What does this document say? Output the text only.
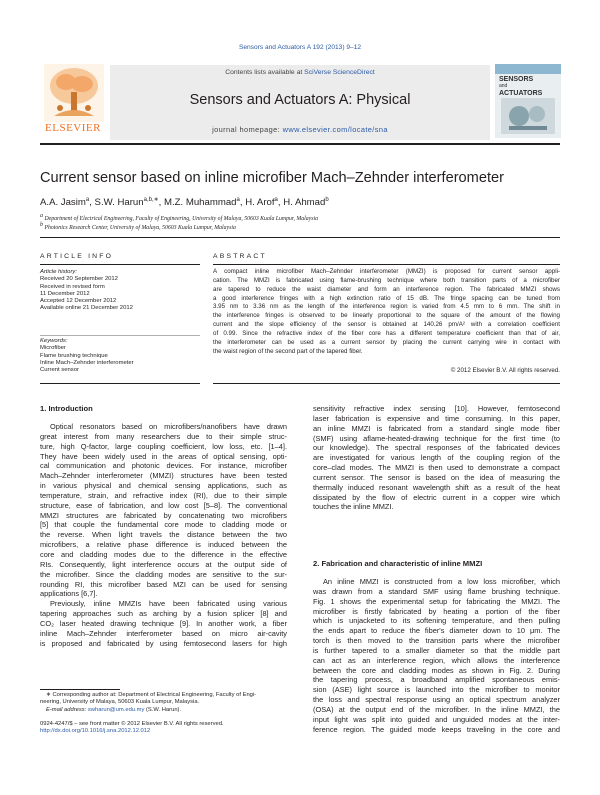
Sensors and Actuators A 192 (2013) 9–12
ELSEVIER
Contents lists available at SciVerse ScienceDirect
Sensors and Actuators A: Physical
journal homepage: www.elsevier.com/locate/sna
SENSORS
and
ACTUATORS
Current sensor based on inline microfiber Mach–Zehnder interferometer
A.A. Jasim$^a$, S.W. Harun$^{a,b,∗}$, M.Z. Muhammad$^a$, H. Arof$^a$, H. Ahmad$^b$
$^a$ Department of Electrical Engineering, Faculty of Engineering, University of Malaya, 50603 Kuala Lumpur, Malaysia
$^b$ Photonics Research Center, University of Malaya, 50603 Kuala Lumpur, Malaysia
ARTICLE INFO
Article history:
Received 20 September 2012
Received in revised form
11 December 2012
Accepted 12 December 2012
Available online 21 December 2012
Keywords:
Microfiber
Flame brushing technique
Inline Mach–Zehnder interferometer
Current sensor
ABSTRACT
A compact inline microfiber Mach–Zehnder interferometer (MMZI) is proposed for current sensor appli-
cation. The MMZI is fabricated using flame-brushing technique where both transition parts of a microfiber
are tapered to reduce the waist diameter and form an interference region. The fabricated MMZI shows
a good interference fringes with a high extinction ratio of 15 dB. The fringe spacing can be tuned from
3.95 nm to 3.36 nm as the length of the interference region is varied from 4.5 mm to 6 mm. The shift in
the interference fringes is observed to be linearly proportional to the square of the amount of the flowing
current and the slope efficiency of the sensor is obtained at 140.26 pm/A² with a correlation coefficient
of 0.99. Since the refractive index of the fiber core has a different temperature coefficient than that of air,
the interferometer can be used as a current sensor by placing the current carrying wire in contact with
the waist region of the second part of the tapered fiber.
© 2012 Elsevier B.V. All rights reserved.
1. Introduction
Optical resonators based on microfibers/nanofibers have drawn
great interest from many researchers due to their simple struc-
ture, high Q-factor, large coupling coefficient, low loss, etc. [1–4].
They have been widely used in the areas of optical sensing, opti-
cal communication and photonic devices. For instance, microfiber
Mach–Zehnder interferometer (MMZI) structures have been tested
in various physical and chemical sensing applications, such as
temperature, strain, and refractive index (RI), due to their simple
structure, ease of fabrication, and low cost [5–8]. The conventional
MMZI structures are fabricated by concatenating two microfibers
[5] that couple the fundamental core mode to cladding mode or
the reverse. When light travels the distance between the two
microfibers, a relative phase difference is induced between the
core and cladding modes due to the difference in the effective
RIs. Consequently, light interference occurs at the output side of
the microfiber. Since the cladding modes are sensitive to the sur-
rounding RI, this microfiber based MZI can be used for sensing
applications [6,7].
Previously, inline MMZIs have been fabricated using various
tapering approaches such as arching by a fusion splicer [8] and
CO₂ laser heated drawing technique [9]. In another work, a fiber
inline Mach–Zehnder interferometer based on micro air-cavity
is proposed and fabricated by using femtosecond lasers for high
sensitivity refractive index sensing [10]. However, femtosecond
laser fabrication is expensive and time consuming. In this paper,
an inline MMZI is fabricated from a standard single mode fiber
(SMF) using aflame-heated-drawing technique for the first time (to
our knowledge). The spectral responses of the fabricated devices
are investigated for various length of the coupling region of the
core–clad modes. The MMZI is then used to demonstrate a compact
current sensor. The sensor is based on the idea of measuring the
thermally induced resonant wavelength shift as a result of the heat
dissipated by the flow of electric current in a copper wire which
touches the inline MMZI.
2. Fabrication and characteristic of inline MMZI
An inline MMZI is constructed from a low loss microfiber, which
was drawn from a standard SMF using flame brushing technique.
Fig. 1 shows the experimental setup for fabricating the MMZI. The
microfiber is firstly fabricated by heating a portion of the fiber
which is unjacketed to its softening temperature, and then pulling
the ends apart to reduce the fiber's diameter down to 10 μm. The
torch is then moved to the transition parts where the microfiber
is further tapered to a smaller diameter so that the middle part
can act as an interference region, which allows the interference
between the core and cladding modes as shown in Fig. 2. During
the tapering process, a broadband amplified spontaneous emis-
sion (ASE) light source is launched into the microfiber to monitor
the loss and spectral response using an optical spectrum analyzer
(OSA) at the output end of the microfiber. In the inline MMZI, the
input light was split into guided and unguided modes at the inter-
ference region. The guided mode keeps traveling in the core and
∗ Corresponding author at: Department of Electrical Engineering, Faculty of Engi-
neering, University of Malaya, 50603 Kuala Lumpur, Malaysia.
E-mail address: swharun@um.edu.my (S.W. Harun).
0924-4247/$ – see front matter © 2012 Elsevier B.V. All rights reserved.
http://dx.doi.org/10.1016/j.sna.2012.12.012
